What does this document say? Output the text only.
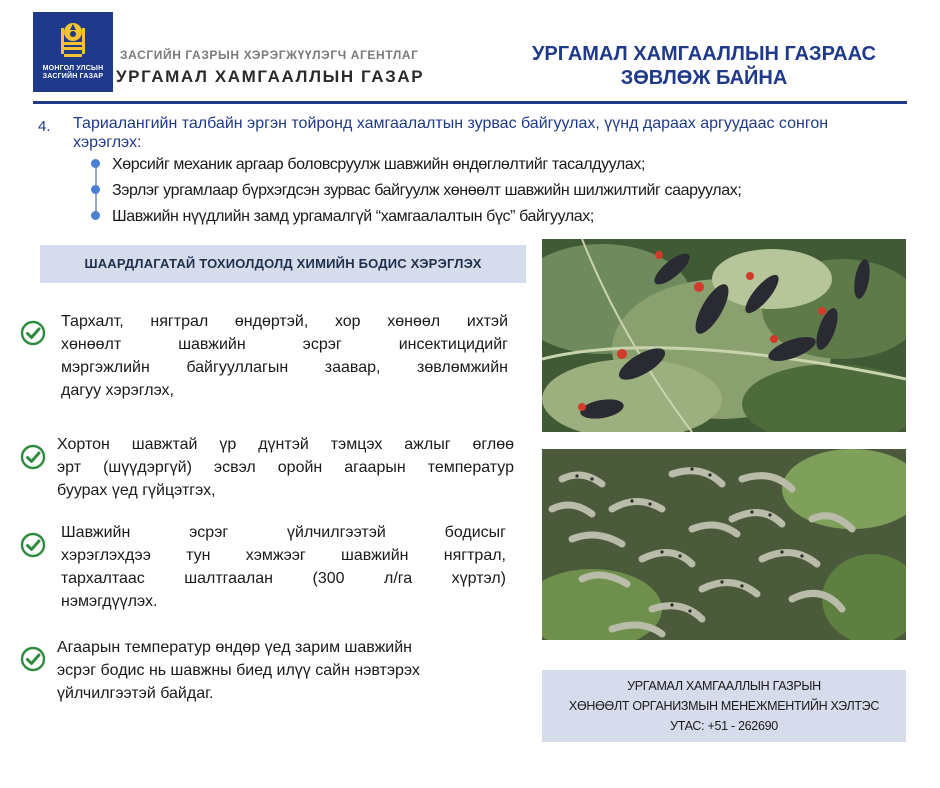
МОНГОЛ УЛСЫН
ЗАСГИЙН ГАЗАР
ЗАСГИЙН ГАЗРЫН ХЭРЭГЖҮҮЛЭГЧ АГЕНТЛАГ
УРГАМАЛ ХАМГААЛЛЫН ГАЗАР
УРГАМАЛ ХАМГААЛЛЫН ГАЗРААС
ЗӨВЛӨЖ БАЙНА
4. Тариалангийн талбайн эргэн тойронд хамгаалалтын зурвас байгуулах, үүнд дараах аргуудаас сонгон хэрэглэх:
Хөрсийг механик аргаар боловсруулж шавжийн өндөглөлтийг тасалдуулах;
Зэрлэг ургамлаар бүрхэгдсэн зурвас байгуулж хөнөөлт шавжийн шилжилтийг сааруулах;
Шавжийн нүүдлийн замд ургамалгүй “хамгаалалтын бүс” байгуулах;
ШААРДЛАГАТАЙ ТОХИОЛДОЛД ХИМИЙН БОДИС ХЭРЭГЛЭХ
Тархалт, нягтрал өндөртэй, хор хөнөөл ихтэй
хөнөөлт шавжийн эсрэг инсектицидийг
мэргэжлийн байгууллагын заавар, зөвлөмжийн
дагуу хэрэглэх,
Хортон шавжтай үр дүнтэй тэмцэх ажлыг өглөө
эрт (шүүдэргүй) эсвэл оройн агаарын температур
буурах үед гүйцэтгэх,
Шавжийн эсрэг үйлчилгээтэй бодисыг
хэрэглэхдээ тун хэмжээг шавжийн нягтрал,
тархалтаас шалтгаалан (300 л/га хүртэл)
нэмэгдүүлэх.
Агаарын температур өндөр үед зарим шавжийн
эсрэг бодис нь шавжны биед илүү сайн нэвтэрэх
үйлчилгээтэй байдаг.	УРГАМАЛ ХАМГААЛЛЫН ГАЗРЫН
ХӨНӨӨЛТ ОРГАНИЗМЫН МЕНЕЖМЕНТИЙН ХЭЛТЭС
УТАС: +51 - 262690
